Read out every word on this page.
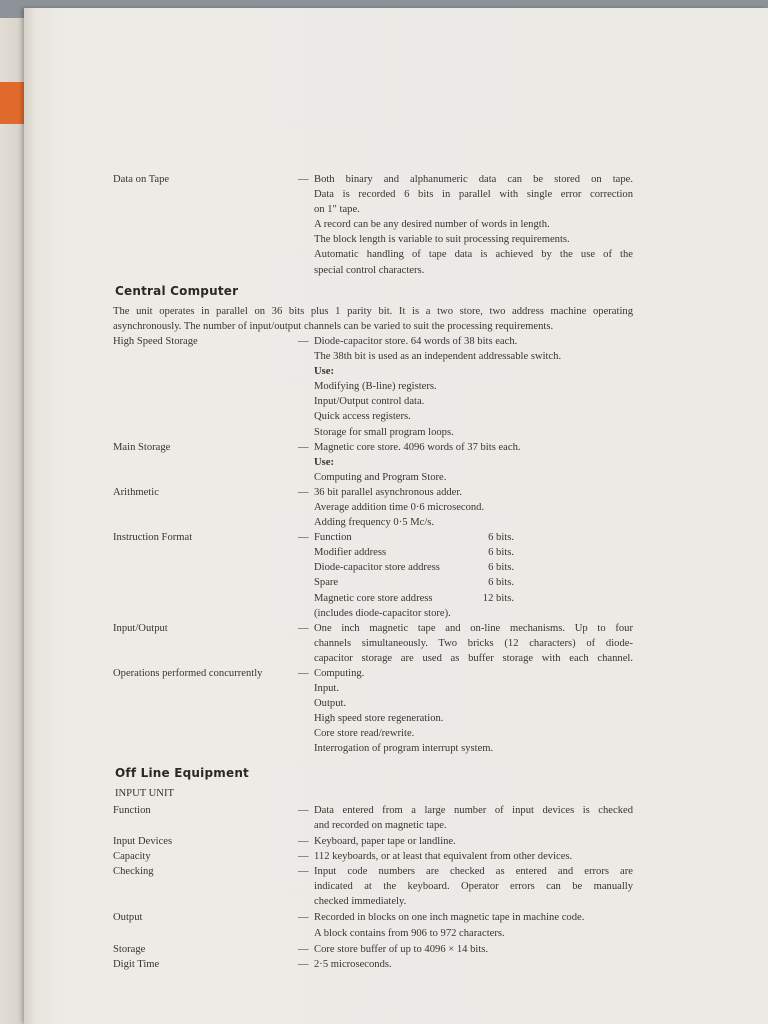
Data on Tape	— Both binary and alphanumeric data can be stored on tape.
Data is recorded 6 bits in parallel with single error correction
on 1" tape.
A record can be any desired number of words in length.
The block length is variable to suit processing requirements.
Automatic handling of tape data is achieved by the use of the
special control characters.
Central Computer

The unit operates in parallel on 36 bits plus 1 parity bit. It is a two store, two address machine operating
asynchronously. The number of input/output channels can be varied to suit the processing requirements.

High Speed Storage	— Diode-capacitor store. 64 words of 38 bits each.
The 38th bit is used as an independent addressable switch.
Use:
Modifying (B-line) registers.
Input/Output control data.
Quick access registers.
Storage for small program loops.
Main Storage	— Magnetic core store. 4096 words of 37 bits each.
Use:
Computing and Program Store.
Arithmetic	— 36 bit parallel asynchronous adder.
Average addition time 0·6 microsecond.
Adding frequency 0·5 Mc/s.
Instruction Format	— Function	6 bits.
Modifier address	6 bits.
Diode-capacitor store address	6 bits.
Spare	6 bits.
Magnetic core store address	12 bits.
(includes diode-capacitor store).
Input/Output	— One inch magnetic tape and on-line mechanisms. Up to four
channels simultaneously. Two bricks (12 characters) of diode-
capacitor storage are used as buffer storage with each channel.
Operations performed concurrently	— Computing.
Input.
Output.
High speed store regeneration.
Core store read/rewrite.
Interrogation of program interrupt system.
Off Line Equipment
INPUT UNIT
Function	— Data entered from a large number of input devices is checked
and recorded on magnetic tape.
Input Devices	— Keyboard, paper tape or landline.
Capacity	— 112 keyboards, or at least that equivalent from other devices.
Checking	— Input code numbers are checked as entered and errors are
indicated at the keyboard. Operator errors can be manually
checked immediately.
Output	— Recorded in blocks on one inch magnetic tape in machine code.
A block contains from 906 to 972 characters.
Storage	— Core store buffer of up to 4096 × 14 bits.
Digit Time	— 2·5 microseconds.
